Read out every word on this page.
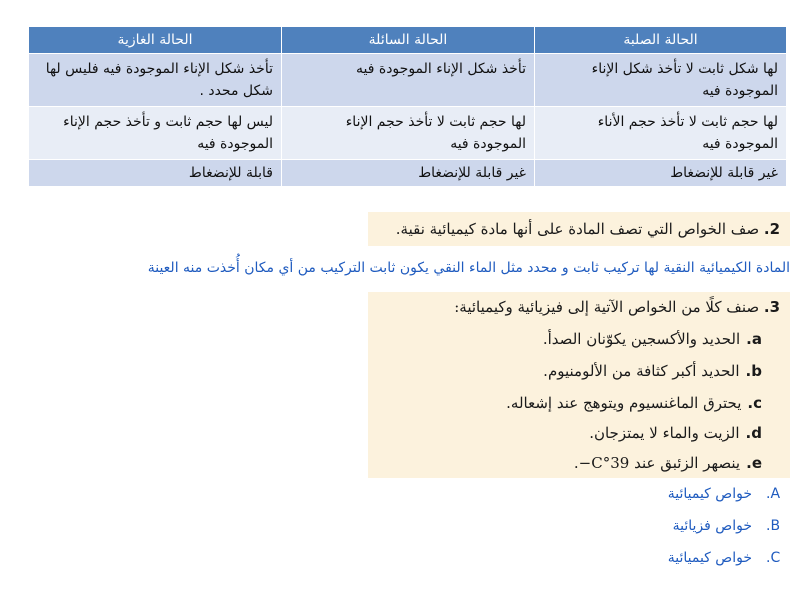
الحالة الصلبة	الحالة السائلة	الحالة الغازية
لها شكل ثابت لا تأخذ شكل الإناء الموجودة فيه	تأخذ شكل الإناء الموجودة فيه	تأخذ شكل الإناء الموجودة فيه فليس لها شكل محدد .
لها حجم ثابت لا تأخذ حجم الأناء الموجودة فيه	لها حجم ثابت لا تأخذ حجم الإناء الموجودة فيه	ليس لها حجم ثابت و تأخذ حجم الإناء الموجودة فيه
غير قابلة للإنضغاط	غير قابلة للإنضغاط	قابلة للإنضغاط
2. صف الخواص التي تصف المادة على أنها مادة كيميائية نقية.
المادة الكيميائية النقية لها تركيب ثابت و محدد مثل الماء النقي يكون ثابت التركيب من أي مكان أُخذت منه العينة
3. صنف كلًا من الخواص الآتية إلى فيزيائية وكيميائية:
a.الحديد والأكسجين يكوّنان الصدأ.
b.الحديد أكبر كثافة من الألومنيوم.
c.يحترق الماغنسيوم ويتوهج عند إشعاله.
d.الزيت والماء لا يمتزجان.
e.ينصهر الزئبق عند 39°C−.
A.خواص كيميائية
B.خواص فزيائية
C.خواص كيميائية
